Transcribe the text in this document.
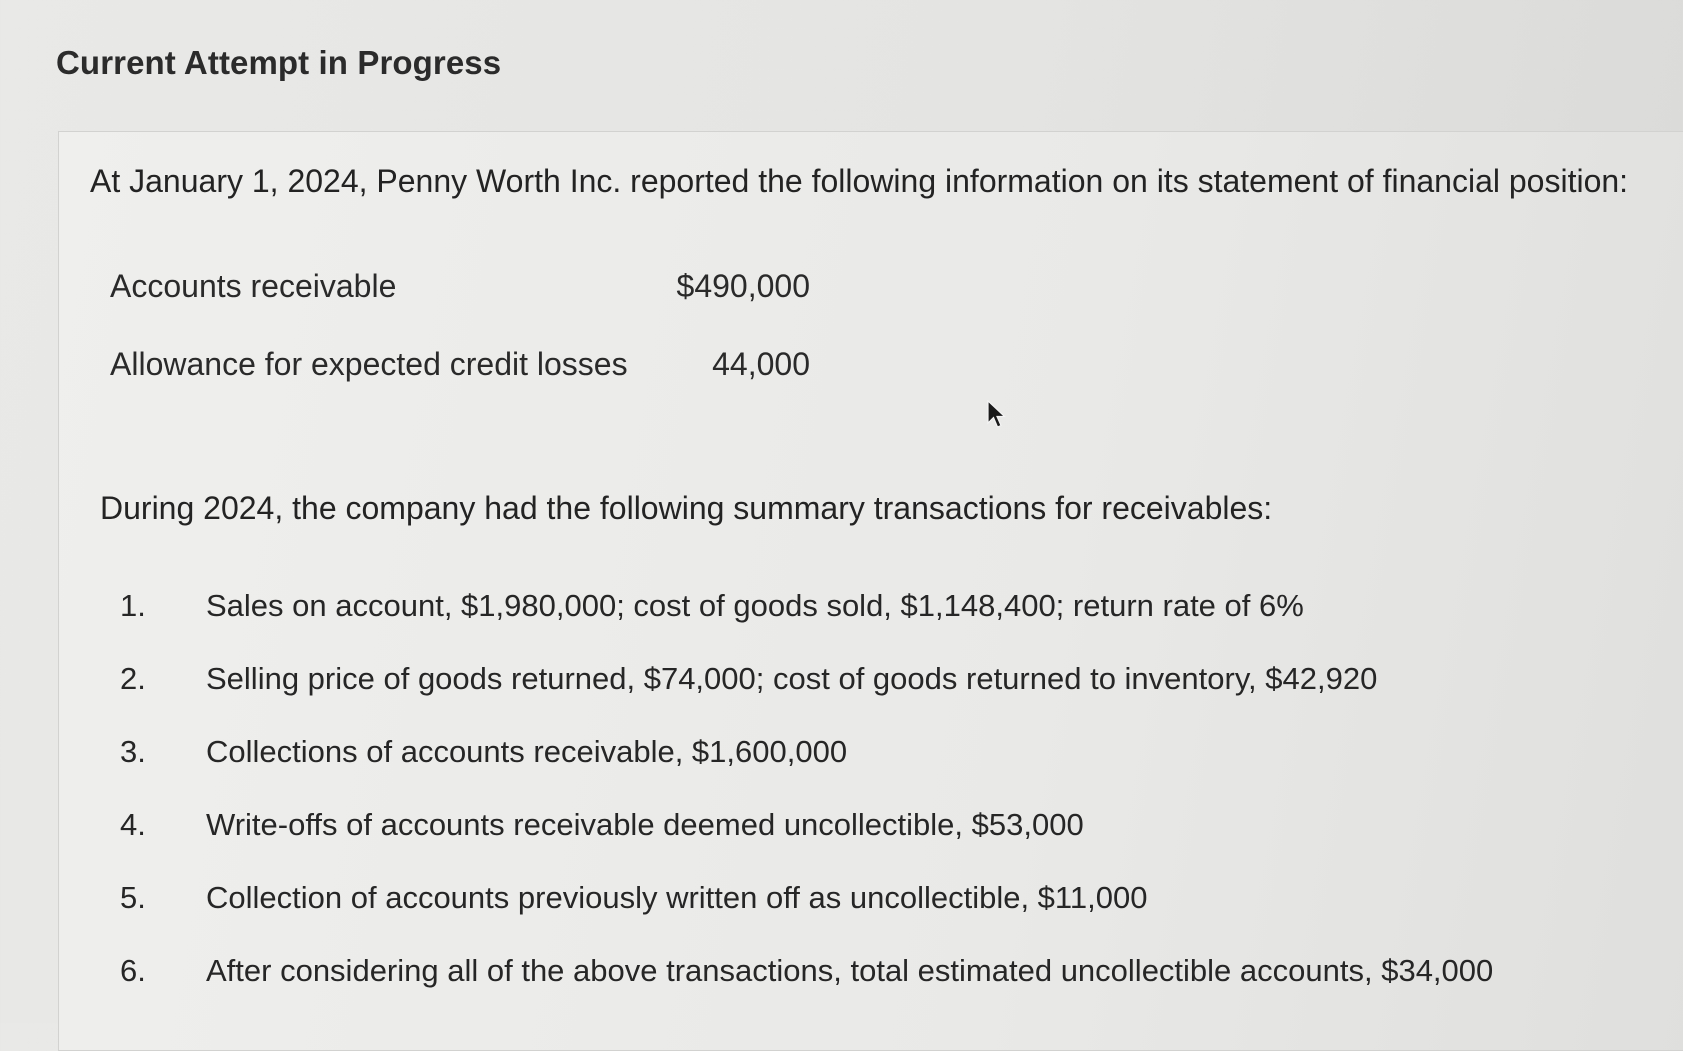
Current Attempt in Progress
At January 1, 2024, Penny Worth Inc. reported the following information on its statement of financial position:
Accounts receivable	$490,000
Allowance for expected credit losses	44,000
During 2024, the company had the following summary transactions for receivables:
1.	Sales on account, $1,980,000; cost of goods sold, $1,148,400; return rate of 6%
2.	Selling price of goods returned, $74,000; cost of goods returned to inventory, $42,920
3.	Collections of accounts receivable, $1,600,000
4.	Write-offs of accounts receivable deemed uncollectible, $53,000
5.	Collection of accounts previously written off as uncollectible, $11,000
6.	After considering all of the above transactions, total estimated uncollectible accounts, $34,000
